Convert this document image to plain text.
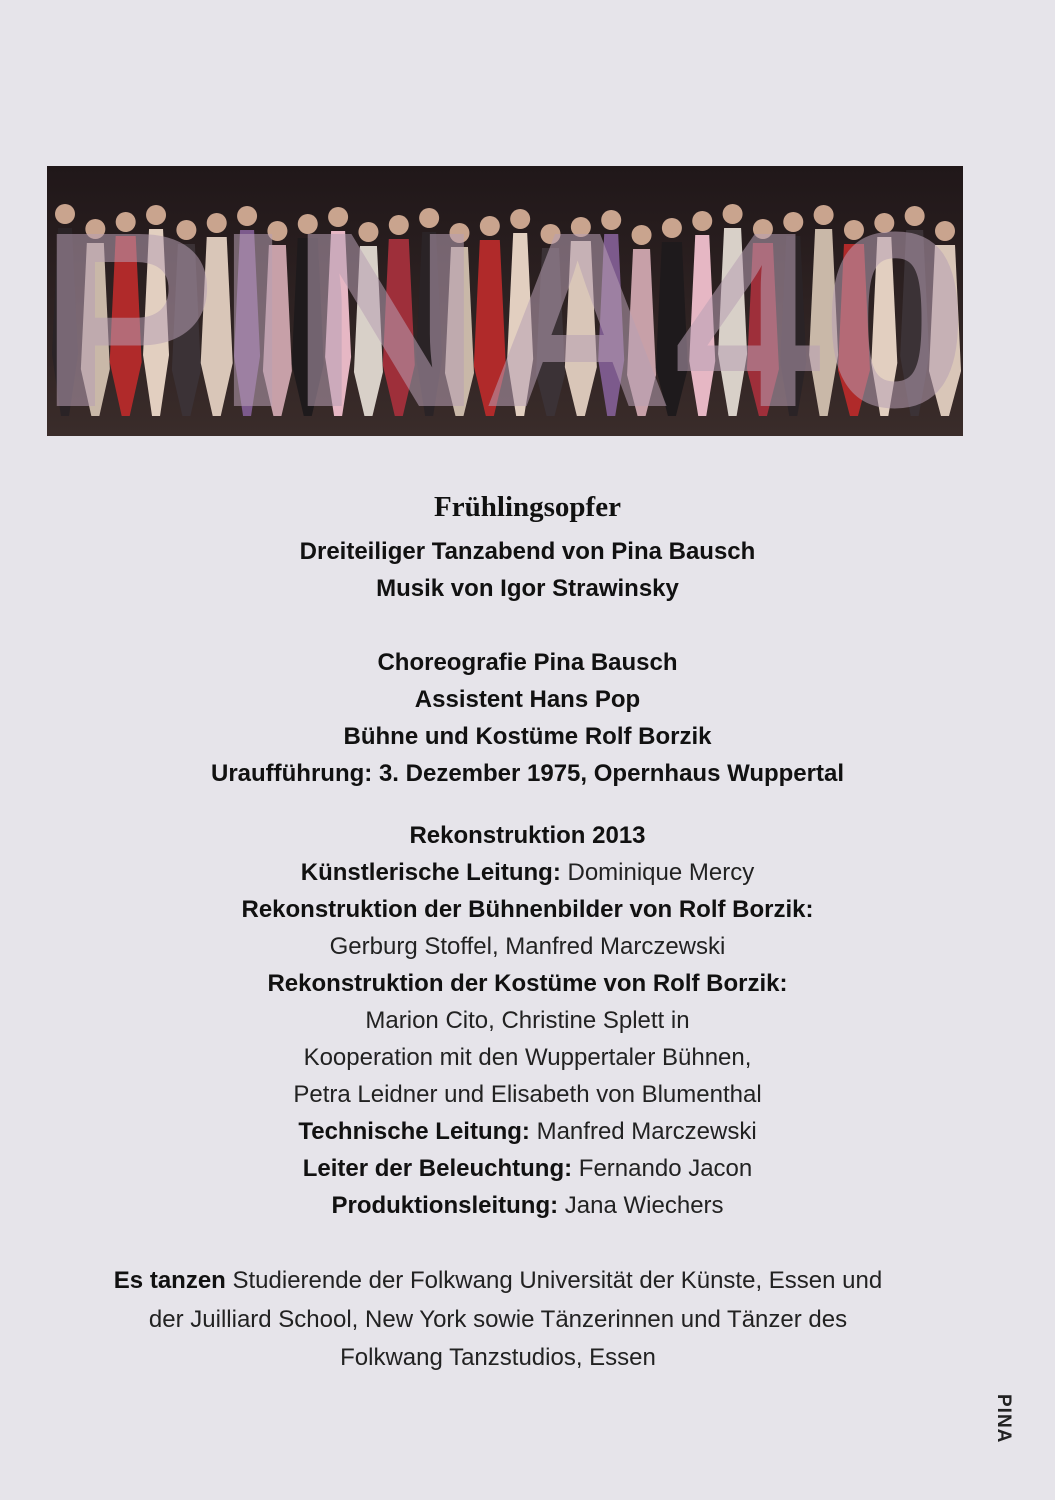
PINA40
Frühlingsopfer
Dreiteiliger Tanzabend von Pina Bausch
Musik von Igor Strawinsky
Choreografie Pina Bausch
Assistent Hans Pop
Bühne und Kostüme Rolf Borzik
Uraufführung: 3. Dezember 1975, Opernhaus Wuppertal
Rekonstruktion 2013
Künstlerische Leitung: Dominique Mercy
Rekonstruktion der Bühnenbilder von Rolf Borzik:
Gerburg Stoffel, Manfred Marczewski
Rekonstruktion der Kostüme von Rolf Borzik:
Marion Cito, Christine Splett in
Kooperation mit den Wuppertaler Bühnen,
Petra Leidner und Elisabeth von Blumenthal
Technische Leitung: Manfred Marczewski
Leiter der Beleuchtung: Fernando Jacon
Produktionsleitung: Jana Wiechers
Es tanzen Studierende der Folkwang Universität der Künste, Essen und
der Juilliard School, New York sowie Tänzerinnen und Tänzer des
Folkwang Tanzstudios, Essen
PINA
